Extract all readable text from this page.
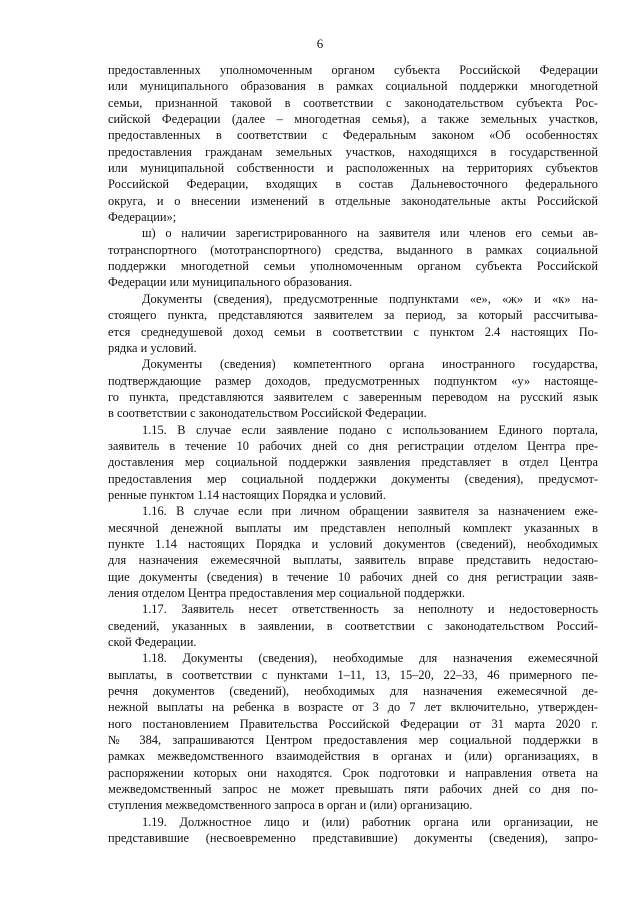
6
предоставленных уполномоченным органом субъекта Российской Федерации
или муниципального образования в рамках социальной поддержки многодетной
семьи, признанной таковой в соответствии с законодательством субъекта Рос-
сийской Федерации (далее – многодетная семья), а также земельных участков,
предоставленных в соответствии с Федеральным законом «Об особенностях
предоставления гражданам земельных участков, находящихся в государственной
или муниципальной собственности и расположенных на территориях субъектов
Российской Федерации, входящих в состав Дальневосточного федерального
округа, и о внесении изменений в отдельные законодательные акты Российской
Федерации»;
ш) о наличии зарегистрированного на заявителя или членов его семьи ав-
тотранспортного (мототранспортного) средства, выданного в рамках социальной
поддержки многодетной семьи уполномоченным органом субъекта Российской
Федерации или муниципального образования.
Документы (сведения), предусмотренные подпунктами «е», «ж» и «к» на-
стоящего пункта, представляются заявителем за период, за который рассчитыва-
ется среднедушевой доход семьи в соответствии с пунктом 2.4 настоящих По-
рядка и условий.
Документы (сведения) компетентного органа иностранного государства,
подтверждающие размер доходов, предусмотренных подпунктом «у» настояще-
го пункта, представляются заявителем с заверенным переводом на русский язык
в соответствии с законодательством Российской Федерации.
1.15. В случае если заявление подано с использованием Единого портала,
заявитель в течение 10 рабочих дней со дня регистрации отделом Центра пре-
доставления мер социальной поддержки заявления представляет в отдел Центра
предоставления мер социальной поддержки документы (сведения), предусмот-
ренные пунктом 1.14 настоящих Порядка и условий.
1.16. В случае если при личном обращении заявителя за назначением еже-
месячной денежной выплаты им представлен неполный комплект указанных в
пункте 1.14 настоящих Порядка и условий документов (сведений), необходимых
для назначения ежемесячной выплаты, заявитель вправе представить недостаю-
щие документы (сведения) в течение 10 рабочих дней со дня регистрации заяв-
ления отделом Центра предоставления мер социальной поддержки.
1.17. Заявитель несет ответственность за неполноту и недостоверность
сведений, указанных в заявлении, в соответствии с законодательством Россий-
ской Федерации.
1.18. Документы (сведения), необходимые для назначения ежемесячной
выплаты, в соответствии с пунктами 1–11, 13, 15–20, 22–33, 46 примерного пе-
речня документов (сведений), необходимых для назначения ежемесячной де-
нежной выплаты на ребенка в возрасте от 3 до 7 лет включительно, утвержден-
ного постановлением Правительства Российской Федерации от 31 марта 2020 г.
№ 384, запрашиваются Центром предоставления мер социальной поддержки в
рамках межведомственного взаимодействия в органах и (или) организациях, в
распоряжении которых они находятся. Срок подготовки и направления ответа на
межведомственный запрос не может превышать пяти рабочих дней со дня по-
ступления межведомственного запроса в орган и (или) организацию.
1.19. Должностное лицо и (или) работник органа или организации, не
представившие (несвоевременно представившие) документы (сведения), запро-
